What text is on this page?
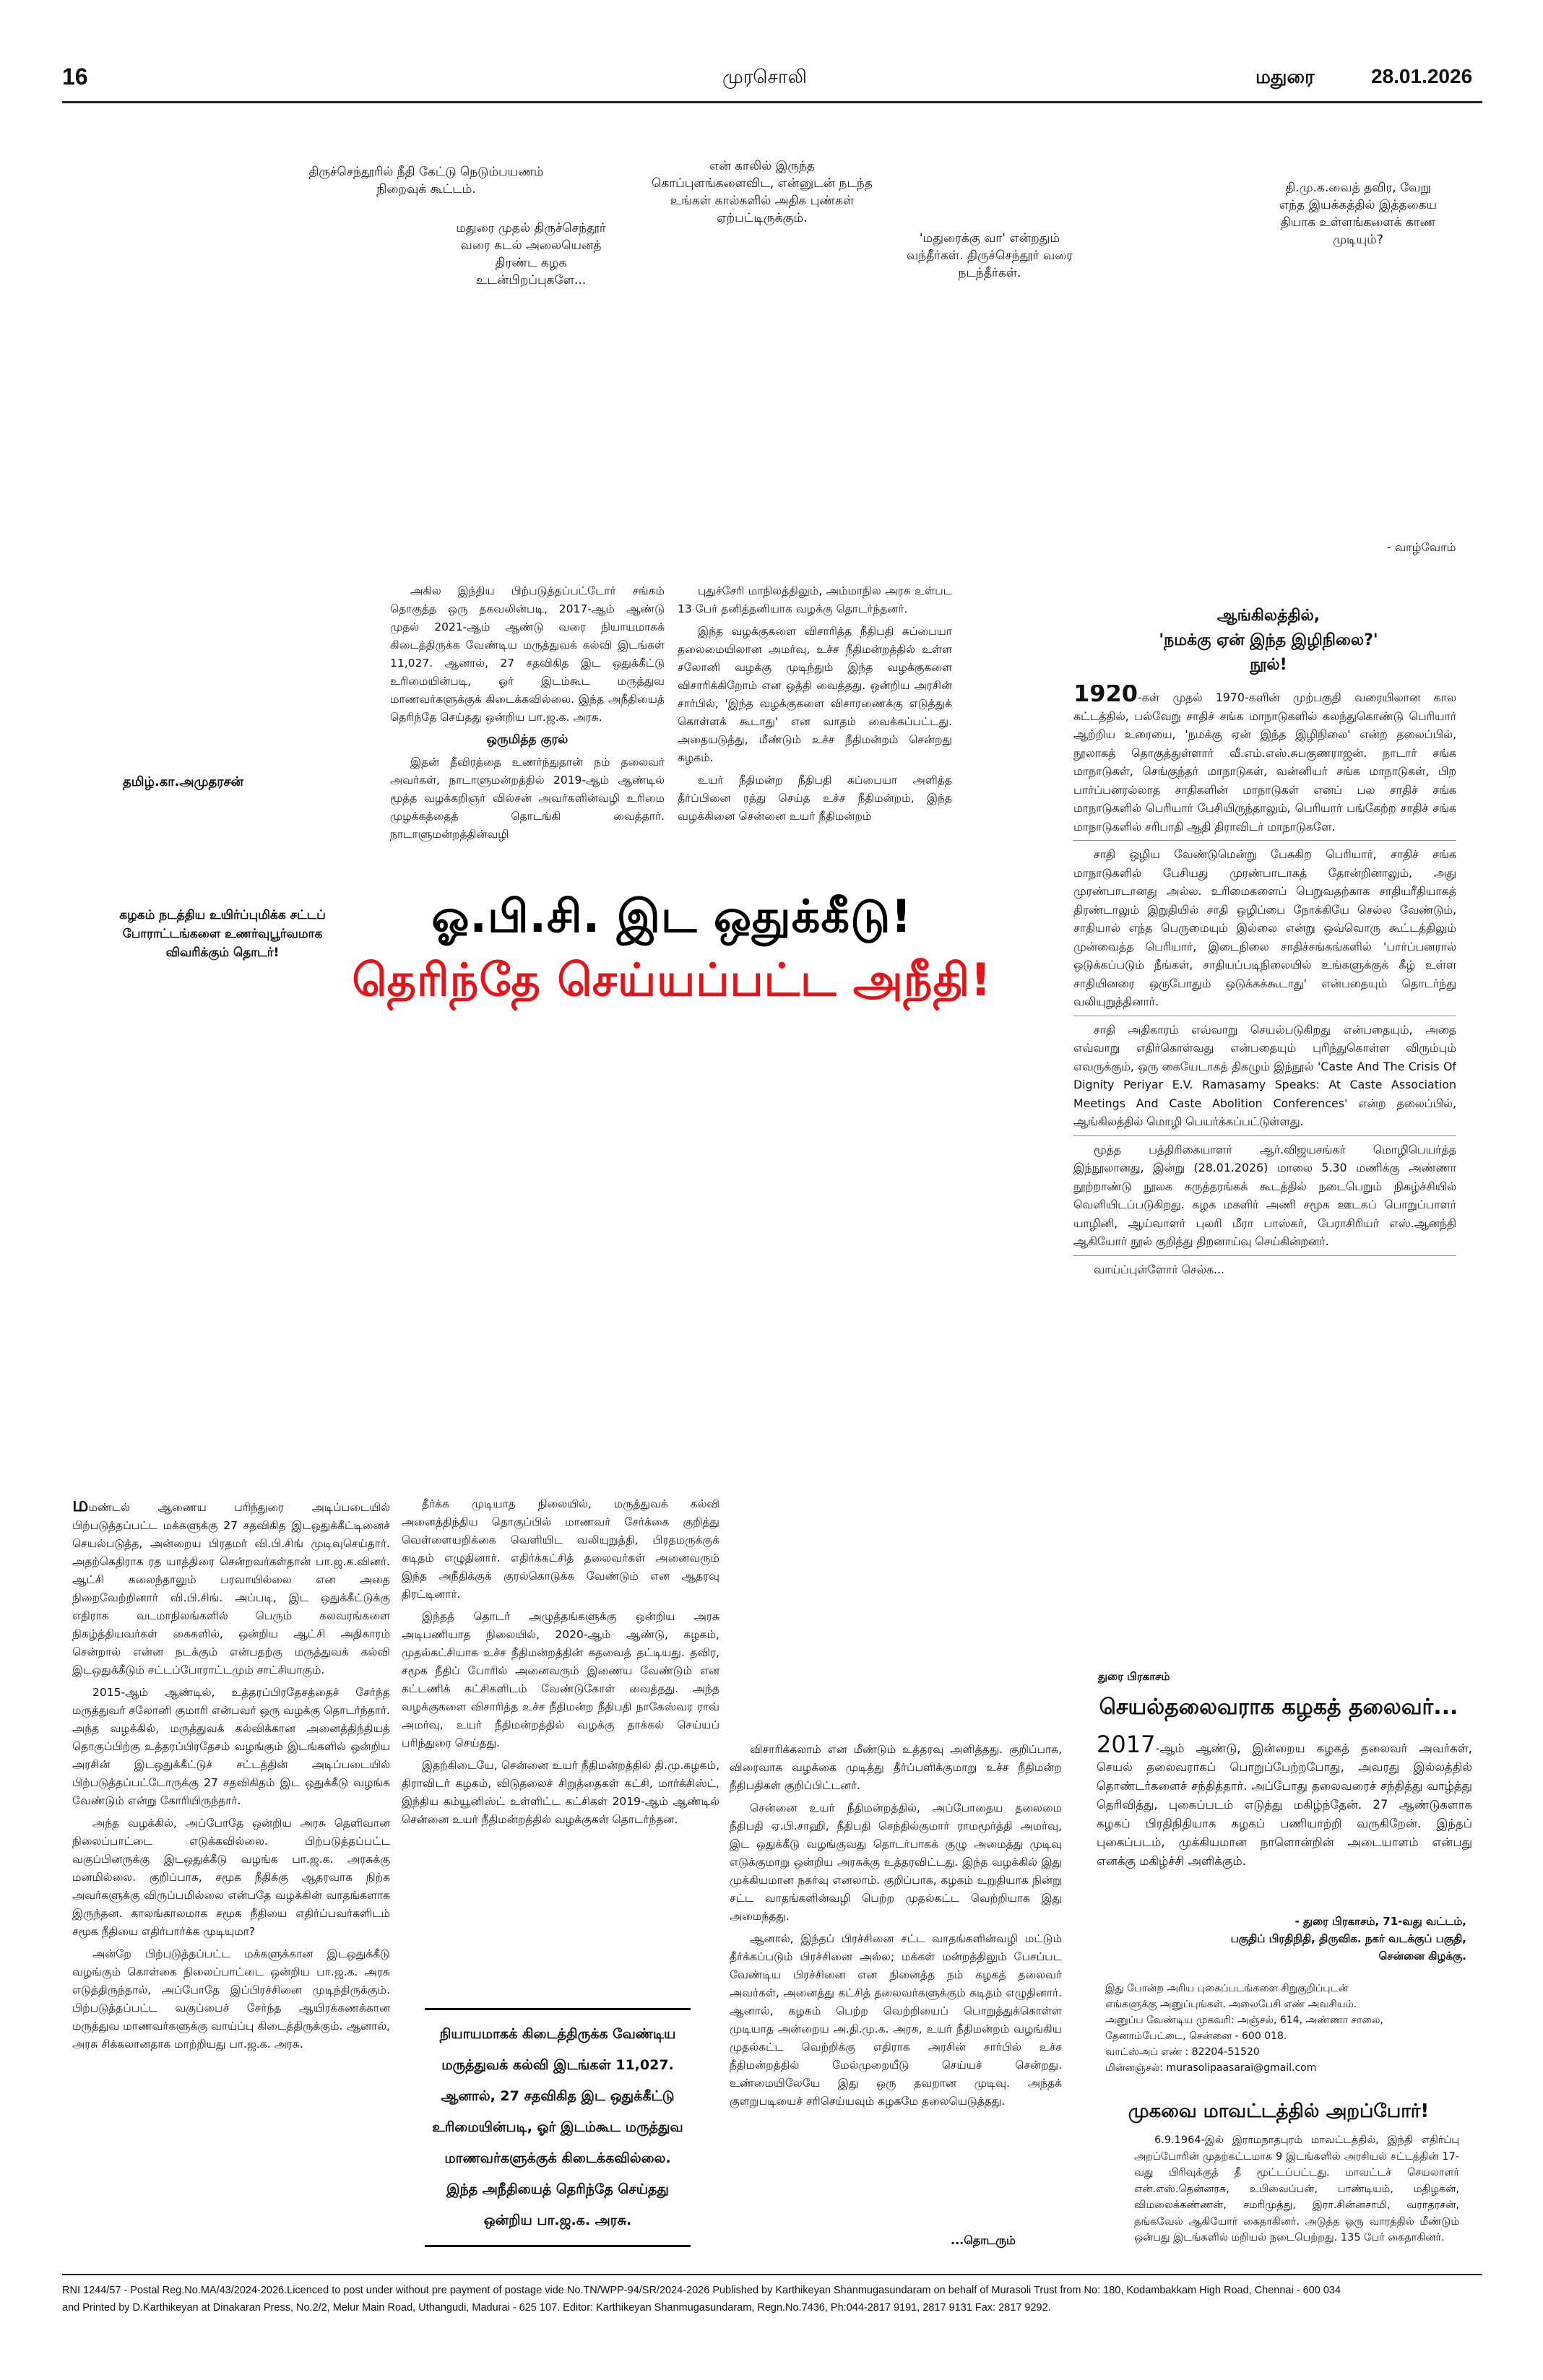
16	முரசொலி	மதுரை	28.01.2026
திருச்செந்தூரில் நீதி கேட்டு நெடும்பயணம் நிறைவுக் கூட்டம்.
மதுரை முதல் திருச்செந்தூர் வரை கடல் அலையெனத் திரண்ட கழக உடன்பிறப்புகளே...
என் காலில் இருந்த கொப்புளங்களைவிட, என்னுடன் நடந்த உங்கள் கால்களில் அதிக புண்கள் ஏற்பட்டிருக்கும்.
'மதுரைக்கு வா' என்றதும் வந்தீர்கள். திருச்செந்தூர் வரை நடந்தீர்கள்.
தி.மு.க.வைத் தவிர, வேறு எந்த இயக்கத்தில் இத்தகைய தியாக உள்ளங்களைக் காண முடியும்?
- வாழ்வோம்
தமிழ்.கா.அமுதரசன்
கழகம் நடத்திய உயிர்ப்புமிக்க சட்டப் போராட்டங்களை உணர்வுபூர்வமாக விவரிக்கும் தொடர்!

அகில இந்திய பிற்படுத்தப்பட்டோர் சங்கம் தொகுத்த ஒரு தகவலின்படி, 2017-ஆம் ஆண்டு முதல் 2021-ஆம் ஆண்டு வரை நியாயமாகக் கிடைத்திருக்க வேண்டிய மருத்துவக் கல்வி இடங்கள் 11,027. ஆனால், 27 சதவிகித இட ஒதுக்கீட்டு உரிமையின்படி, ஓர் இடம்கூட மருத்துவ மாணவர்களுக்குக் கிடைக்கவில்லை. இந்த அநீதியைத் தெரிந்தே செய்தது ஒன்றிய பா.ஜ.க. அரசு.

ஒருமித்த குரல்

இதன் தீவிரத்தை உணர்ந்துதான் நம் தலைவர் அவர்கள், நாடாளுமன்றத்தில் 2019-ஆம் ஆண்டில் மூத்த வழக்கறிஞர் வில்சன் அவர்களின்வழி உரிமை முழக்கத்தைத் தொடங்கி வைத்தார். நாடாளுமன்றத்தின்வழி

புதுச்சேரி மாநிலத்திலும், அம்மாநில அரசு உள்பட 13 பேர் தனித்தனியாக வழக்கு தொடர்ந்தனர்.

இந்த வழக்குகளை விசாரித்த நீதிபதி சுப்பையா தலைமையிலான அமர்வு, உச்ச நீதிமன்றத்தில் உள்ள சலோனி வழக்கு முடிந்தும் இந்த வழக்குகளை விசாரிக்கிறோம் என ஒத்தி வைத்தது. ஒன்றிய அரசின் சார்பில், 'இந்த வழக்குகளை விசாரணைக்கு எடுத்துக் கொள்ளக் கூடாது' என வாதம் வைக்கப்பட்டது. அதையடுத்து, மீண்டும் உச்ச நீதிமன்றம் சென்றது கழகம்.

உயர் நீதிமன்ற நீதிபதி சுப்பையா அளித்த தீர்ப்பினை ரத்து செய்த உச்ச நீதிமன்றம், இந்த வழக்கினை சென்னை உயர் நீதிமன்றம்

ஓ.பி.சி. இட ஒதுக்கீடு!
தெரிந்தே செய்யப்பட்ட அநீதி!
ஆங்கிலத்தில்,
'நமக்கு ஏன் இந்த இழிநிலை?'
நூல்!

1920-கள் முதல் 1970-களின் முற்பகுதி வரையிலான கால கட்டத்தில், பல்வேறு சாதிச் சங்க மாநாடுகளில் கலந்துகொண்டு பெரியார் ஆற்றிய உரையை, 'நமக்கு ஏன் இந்த இழிநிலை' என்ற தலைப்பில், நூலாகத் தொகுத்துள்ளார் வீ.எம்.எஸ்.சுபகுணராஜன். நாடார் சங்க மாநாடுகள், செங்குந்தர் மாநாடுகள், வன்னியர் சங்க மாநாடுகள், பிற பார்ப்பனரல்லாத சாதிகளின் மாநாடுகள் எனப் பல சாதிச் சங்க மாநாடுகளில் பெரியார் பேசியிருந்தாலும், பெரியார் பங்கேற்ற சாதிச் சங்க மாநாடுகளில் சரிபாதி ஆதி திராவிடர் மாநாடுகளே.

சாதி ஒழிய வேண்டுமென்று பேசுகிற பெரியார், சாதிச் சங்க மாநாடுகளில் பேசியது முரண்பாடாகத் தோன்றினாலும், அது முரண்பாடானது அல்ல. உரிமைகளைப் பெறுவதற்காக சாதியரீதியாகத் திரண்டாலும் இறுதியில் சாதி ஒழிப்பை நோக்கியே செல்ல வேண்டும், சாதியால் எந்த பெருமையும் இல்லை என்று ஒவ்வொரு கூட்டத்திலும் முன்வைத்த பெரியார், இடைநிலை சாதிச்சங்கங்களில் 'பார்ப்பனரால் ஒடுக்கப்படும் நீங்கள், சாதியப்படிநிலையில் உங்களுக்குக் கீழ் உள்ள சாதியினரை ஒருபோதும் ஒடுக்கக்கூடாது' என்பதையும் தொடர்ந்து வலியுறுத்தினார்.

சாதி அதிகாரம் எவ்வாறு செயல்படுகிறது என்பதையும், அதை எவ்வாறு எதிர்கொள்வது என்பதையும் புரிந்துகொள்ள விரும்பும் எவருக்கும், ஒரு கையேடாகத் திகழும் இந்நூல் 'Caste And The Crisis Of Dignity Periyar E.V. Ramasamy Speaks: At Caste Association Meetings And Caste Abolition Conferences' என்ற தலைப்பில், ஆங்கிலத்தில் மொழி பெயர்க்கப்பட்டுள்ளது.

மூத்த பத்திரிகையாளர் ஆர்.விஜயசங்கர் மொழிபெயர்த்த இந்நூலானது, இன்று (28.01.2026) மாலை 5.30 மணிக்கு அண்ணா நூற்றாண்டு நூலக கருத்தரங்கக் கூடத்தில் நடைபெறும் நிகழ்ச்சியில் வெளியிடப்படுகிறது. கழக மகளிர் அணி சமூக ஊடகப் பொறுப்பாளர் யாழினி, ஆய்வாளர் புலரி மீரா பாஸ்கர், பேராசிரியர் எஸ்.ஆனந்தி ஆகியோர் நூல் குறித்து திறனாய்வு செய்கின்றனர்.

வாய்ப்புள்ளோர் செல்க...

மமண்டல் ஆணைய பரிந்துரை அடிப்படையில் பிற்படுத்தப்பட்ட மக்களுக்கு 27 சதவிகித இடஒதுக்கீட்டினைச் செயல்படுத்த, அன்றைய பிரதமர் வி.பி.சிங் முடிவுசெய்தார். அதற்கெதிராக ரத யாத்திரை சென்றவர்கள்தான் பா.ஜ.க.வினர். ஆட்சி கலைந்தாலும் பரவாயில்லை என அதை நிறைவேற்றினார் வி.பி.சிங். அப்படி, இட ஒதுக்கீட்டுக்கு எதிராக வடமாநிலங்களில் பெரும் கலவரங்களை நிகழ்த்தியவர்கள் கைகளில், ஒன்றிய ஆட்சி அதிகாரம் சென்றால் என்ன நடக்கும் என்பதற்கு மருத்துவக் கல்வி இடஒதுக்கீடும் சட்டப்போராட்டமும் சாட்சியாகும்.

2015-ஆம் ஆண்டில், உத்தரப்பிரதேசத்தைச் சேர்ந்த மருத்துவர் சலோனி குமாரி என்பவர் ஒரு வழக்கு தொடர்ந்தார். அந்த வழக்கில், மருத்துவக் கல்விக்கான அனைத்திந்தியத் தொகுப்பிற்கு உத்தரப்பிரதேசம் வழங்கும் இடங்களில் ஒன்றிய அரசின் இடஒதுக்கீட்டுச் சட்டத்தின் அடிப்படையில் பிற்படுத்தப்பட்டோருக்கு 27 சதவிகிதம் இட ஒதுக்கீடு வழங்க வேண்டும் என்று கோரியிருந்தார்.

அந்த வழக்கில், அப்போதே ஒன்றிய அரசு தெளிவான நிலைப்பாட்டை எடுக்கவில்லை. பிற்படுத்தப்பட்ட வகுப்பினருக்கு இடஒதுக்கீடு வழங்க பா.ஜ.க. அரசுக்கு மனமில்லை. குறிப்பாக, சமூக நீதிக்கு ஆதரவாக நிற்க அவர்களுக்கு விருப்பமில்லை என்பதே வழக்கின் வாதங்களாக இருந்தன. காலங்காலமாக சமூக நீதியை எதிர்ப்பவர்களிடம் சமூக நீதியை எதிர்பார்க்க முடியுமா?

அன்றே பிற்படுத்தப்பட்ட மக்களுக்கான இடஒதுக்கீடு வழங்கும் கொள்கை நிலைப்பாட்டை ஒன்றிய பா.ஜ.க. அரசு எடுத்திருந்தால், அப்போதே இப்பிரச்சினை முடிந்திருக்கும். பிற்படுத்தப்பட்ட வகுப்பைச் சேர்ந்த ஆயிரக்கணக்கான மருத்துவ மாணவர்களுக்கு வாய்ப்பு கிடைத்திருக்கும். ஆனால், அரசு சிக்கலானதாக மாற்றியது பா.ஜ.க. அரசு.

தீர்க்க முடியாத நிலையில், மருத்துவக் கல்வி அனைத்திந்திய தொகுப்பில் மாணவர் சேர்க்கை குறித்து வெள்ளையறிக்கை வெளியிட வலியுறுத்தி, பிரதமருக்குக் கடிதம் எழுதினார். எதிர்க்கட்சித் தலைவர்கள் அனைவரும் இந்த அநீதிக்குக் குரல்கொடுக்க வேண்டும் என ஆதரவு திரட்டினார்.

இந்தத் தொடர் அழுத்தங்களுக்கு ஒன்றிய அரசு அடிபணியாத நிலையில், 2020-ஆம் ஆண்டு, கழகம், முதல்கட்சியாக உச்ச நீதிமன்றத்தின் கதவைத் தட்டியது. தவிர, சமூக நீதிப் போரில் அனைவரும் இணைய வேண்டும் என கட்டணிக் கட்சிகளிடம் வேண்டுகோள் வைத்தது. அந்த வழக்குகளை விசாரித்த உச்ச நீதிமன்ற நீதிபதி நாகேஸ்வர ராவ் அமர்வு, உயர் நீதிமன்றத்தில் வழக்கு தாக்கல் செய்யப் பரிந்துரை செய்தது.

இதற்கிடையே, சென்னை உயர் நீதிமன்றத்தில் தி.மு.கழகம், திராவிடர் கழகம், விடுதலைச் சிறுத்தைகள் கட்சி, மார்க்சிஸ்ட், இந்திய கம்யூனிஸ்ட் உள்ளிட்ட கட்சிகள் 2019-ஆம் ஆண்டில் சென்னை உயர் நீதிமன்றத்தில் வழக்குகள் தொடர்ந்தன.

நியாயமாகக் கிடைத்திருக்க வேண்டிய மருத்துவக் கல்வி இடங்கள் 11,027. ஆனால், 27 சதவிகித இட ஒதுக்கீட்டு உரிமையின்படி, ஓர் இடம்கூட மருத்துவ மாணவர்களுக்குக் கிடைக்கவில்லை. இந்த அநீதியைத் தெரிந்தே செய்தது ஒன்றிய பா.ஜ.க. அரசு.

விசாரிக்கலாம் என மீண்டும் உத்தரவு அளித்தது. குறிப்பாக, விரைவாக வழக்கை முடித்து தீர்ப்பளிக்குமாறு உச்ச நீதிமன்ற நீதிபதிகள் குறிப்பிட்டனர்.

சென்னை உயர் நீதிமன்றத்தில், அப்போதைய தலைமை நீதிபதி ஏ.பி.சாஹி, நீதிபதி செந்தில்குமார் ராமமூர்த்தி அமர்வு, இட ஒதுக்கீடு வழங்குவது தொடர்பாகக் குழு அமைத்து முடிவு எடுக்குமாறு ஒன்றிய அரசுக்கு உத்தரவிட்டது. இந்த வழக்கில் இது முக்கியமான நகர்வு எனலாம். குறிப்பாக, கழகம் உறுதியாக நின்று சட்ட வாதங்களின்வழி பெற்ற முதல்கட்ட வெற்றியாக இது அமைந்தது.

ஆனால், இந்தப் பிரச்சினை சட்ட வாதங்களின்வழி மட்டும் தீர்க்கப்படும் பிரச்சினை அல்ல; மக்கள் மன்றத்திலும் பேசப்பட வேண்டிய பிரச்சினை என நினைத்த நம் கழகத் தலைவர் அவர்கள், அனைத்து கட்சித் தலைவர்களுக்கும் கடிதம் எழுதினார். ஆனால், கழகம் பெற்ற வெற்றியைப் பொறுத்துக்கொள்ள முடியாத அன்றைய அ.தி.மு.க. அரசு, உயர் நீதிமன்றம் வழங்கிய முதல்கட்ட வெற்றிக்கு எதிராக அரசின் சார்பில் உச்ச நீதிமன்றத்தில் மேல்முறையீடு செய்யச் சென்றது. உண்மையிலேயே இது ஒரு தவறான முடிவு. அந்தக் குளறுபடியைச் சரிசெய்யவும் கழகமே தலையெடுத்தது.

...தொடரும்
துரை பிரகாசம்
செயல்தலைவராக கழகத் தலைவர்...

2017-ஆம் ஆண்டு, இன்றைய கழகத் தலைவர் அவர்கள், செயல் தலைவராகப் பொறுப்பேற்றபோது, அவரது இல்லத்தில் தொண்டர்களைச் சந்தித்தார். அப்போது தலைவரைச் சந்தித்து வாழ்த்து தெரிவித்து, புகைப்படம் எடுத்து மகிழ்ந்தேன். 27 ஆண்டுகளாக கழகப் பிரதிநிதியாக கழகப் பணியாற்றி வருகிறேன். இந்தப் புகைப்படம், முக்கியமான நாளொன்றின் அடையாளம் என்பது எனக்கு மகிழ்ச்சி அளிக்கும்.

- துரை பிரகாசம், 71-வது வட்டம்,
பகுதிப் பிரதிநிதி, திருவிக. நகர் வடக்குப் பகுதி,
சென்னை கிழக்கு.
இது போன்ற அரிய புகைப்படங்களை சிறுகுறிப்புடன்
எங்களுக்கு அனுப்புங்கள். அலைபேசி எண் அவசியம்.
அனுப்ப வேண்டிய முகவரி: அஞ்சல், 614, அண்ணா சாலை,
தேனாம்பேட்டை, சென்னை - 600 018.
வாட்ஸ்அப் எண் : 82204-51520
மின்னஞ்சல்: murasolipaasarai@gmail.com
முகவை மாவட்டத்தில் அறப்போர்!

6.9.1964-இல் இராமநாதபுரம் மாவட்டத்தில், இந்தி எதிர்ப்பு அறப்போரின் முதற்கட்டமாக 9 இடங்களில் அரசியல் சட்டத்தின் 17-வது பிரிவுக்குத் தீ மூட்டப்பட்டது. மாவட்டச் செயலாளர் என்.எஸ்.தென்னரசு, உபிவைப்பன், பாண்டியம், மதிழகன், விமலைக்கண்ணன், சமரிமுத்து, இரா.சின்னசாமி, வராதரசன், தங்கவேல் ஆகியோர் கைதாகினர். அடுத்த ஒரு வாரத்தில் மீண்டும் ஒன்பது இடங்களில் மறியல் நடைபெற்றது. 135 பேர் கைதாகினர்.

RNI 1244/57 - Postal Reg.No.MA/43/2024-2026.Licenced to post under without pre payment of postage vide No.TN/WPP-94/SR/2024-2026 Published by Karthikeyan Shanmugasundaram on behalf of Murasoli Trust from No: 180, Kodambakkam High Road, Chennai - 600 034
and Printed by D.Karthikeyan at Dinakaran Press, No.2/2, Melur Main Road, Uthangudi, Madurai - 625 107. Editor: Karthikeyan Shanmugasundaram, Regn.No.7436, Ph:044-2817 9191, 2817 9131 Fax: 2817 9292.
